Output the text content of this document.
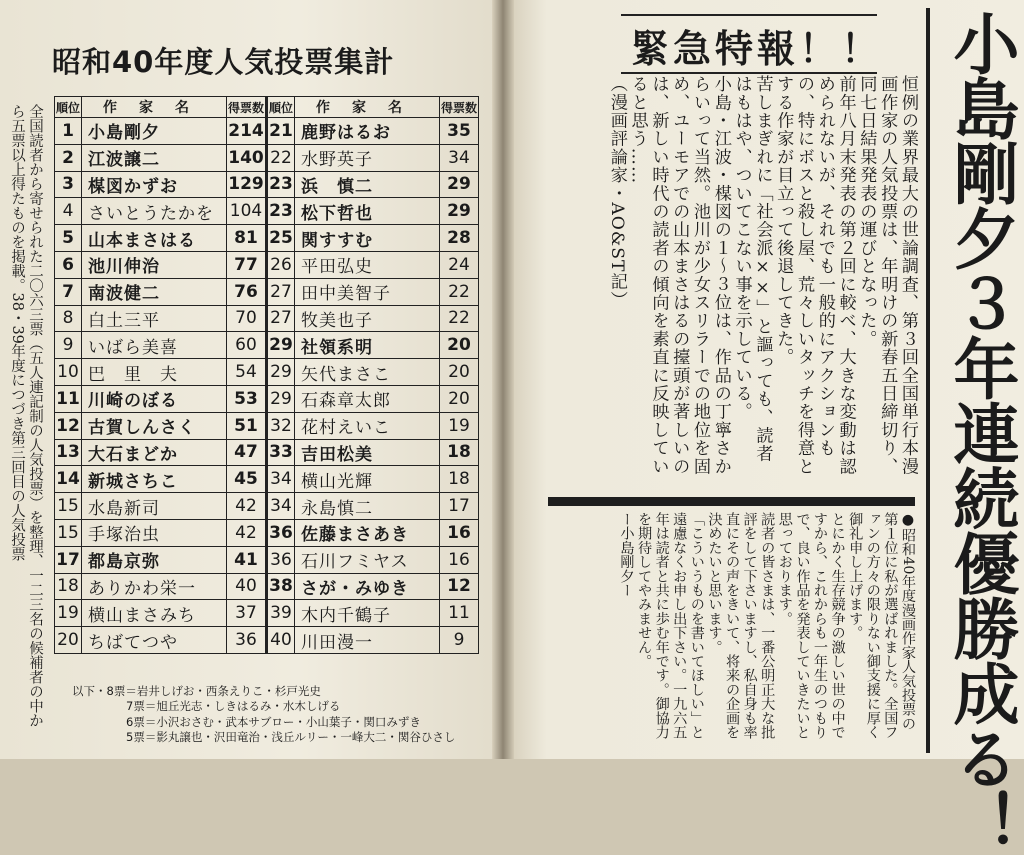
昭和40年度人気投票集計
全国読者から寄せられた二〇六三票（五人連記制の人気投票）を整理、一二三名の候補者の中から五票以上得たものを掲載。38・39年度につづき第三回目の人気投票	順位	作家名	得票数	順位	作家名	得票数
1	小島剛夕	214	21	鹿野はるお	35
2	江波譲二	140	22	水野英子	34
3	楳図かずお	129	23	浜　慎二	29
4	さいとうたかを	104	23	松下哲也	29
5	山本まさはる	81	25	関すすむ	28
6	池川伸治	77	26	平田弘史	24
7	南波健二	76	27	田中美智子	22
8	白土三平	70	27	牧美也子	22
9	いばら美喜	60	29	社領系明	20
10	巴　里　夫	54	29	矢代まさこ	20
11	川崎のぼる	53	29	石森章太郎	20
12	古賀しんさく	51	32	花村えいこ	19
13	大石まどか	47	33	吉田松美	18
14	新城さちこ	45	34	横山光輝	18
15	水島新司	42	34	永島慎二	17
15	手塚治虫	42	36	佐藤まさあき	16
17	都島京弥	41	36	石川フミヤス	16
18	ありかわ栄一	40	38	さが・みゆき	12
19	横山まさみち	37	39	木内千鶴子	11
20	ちばてつや	36	40	川田漫一	9
以下・8票＝岩井しげお・西条えりこ・杉戸光史
7票＝旭丘光志・しきはるみ・水木しげる
6票＝小沢おさむ・武本サブロー・小山葉子・関口みずき
5票＝影丸譲也・沢田竜治・浅丘ルリー・一峰大二・関谷ひさし
緊急特報！！

恒例の業界最大の世論調査、第３回全国単行本漫画作家の人気投票は、年明けの新春五日締切り、同七日結果発表の運びとなった。

前年八月末発表の第２回に較べ、大きな変動は認められないが、それでも一般的にアクションもの、特にボスと殺し屋、荒々しいタッチを得意とする作家が目立って後退してきた。

苦しまぎれに「社会派××」と謳っても、読者はもはや、ついてこない事を示している。

小島・江波・楳図の１〜３位は、作品の丁寧さからいって当然。池川が少女スリラーでの地位を固め、ユーモアでの山本まさはるの擡頭が著しいのは、新しい時代の読者の傾向を素直に反映していると思う……

（漫画評論家・AO&ST記）

●昭和40年度漫画作家人気投票の第１位に私が選ばれました。全国ファンの方々の限りない御支援に厚く御礼申し上げます。

とにかく生存競争の激しい世の中ですから、これからも一年生のつもりで、良い作品を発表していきたいと思っております。

読者の皆さまは、一番公明正大な批評をして下さいますし、私自身も率直にその声をきいて、将来の企画を決めたいと思います。

「こういうものを書いてほしい」と遠慮なくお申し出下さい。一九六五年は読者と共に歩む年です。御協力を期待してやみません。

ー小島剛夕ー	小島剛夕３年連続優勝成る！
